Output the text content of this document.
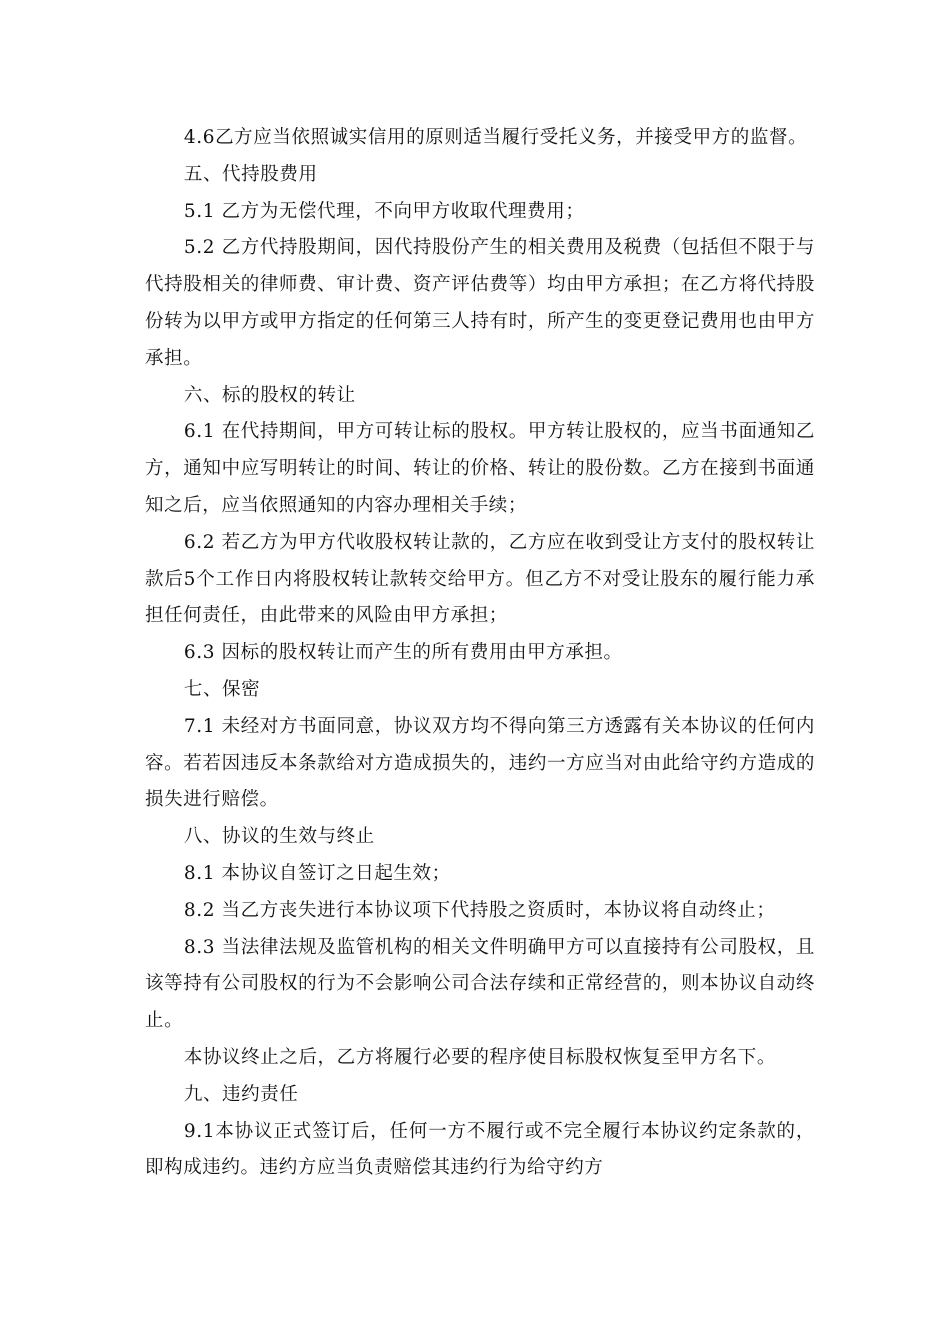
4.6乙方应当依照诚实信用的原则适当履行受托义务，并接受甲方的监督。

五、代持股费用

5.1 乙方为无偿代理，不向甲方收取代理费用；

5.2 乙方代持股期间，因代持股份产生的相关费用及税费（包括但不限于与代持股相关的律师费、审计费、资产评估费等）均由甲方承担；在乙方将代持股份转为以甲方或甲方指定的任何第三人持有时，所产生的变更登记费用也由甲方承担。

六、标的股权的转让

6.1 在代持期间，甲方可转让标的股权。甲方转让股权的，应当书面通知乙方，通知中应写明转让的时间、转让的价格、转让的股份数。乙方在接到书面通知之后，应当依照通知的内容办理相关手续；

6.2 若乙方为甲方代收股权转让款的，乙方应在收到受让方支付的股权转让款后5个工作日内将股权转让款转交给甲方。但乙方不对受让股东的履行能力承担任何责任，由此带来的风险由甲方承担；

6.3 因标的股权转让而产生的所有费用由甲方承担。

七、保密

7.1 未经对方书面同意，协议双方均不得向第三方透露有关本协议的任何内容。若若因违反本条款给对方造成损失的，违约一方应当对由此给守约方造成的损失进行赔偿。

八、协议的生效与终止

8.1 本协议自签订之日起生效；

8.2 当乙方丧失进行本协议项下代持股之资质时，本协议将自动终止；

8.3 当法律法规及监管机构的相关文件明确甲方可以直接持有公司股权，且该等持有公司股权的行为不会影响公司合法存续和正常经营的，则本协议自动终止。

本协议终止之后，乙方将履行必要的程序使目标股权恢复至甲方名下。

九、违约责任

9.1本协议正式签订后，任何一方不履行或不完全履行本协议约定条款的，即构成违约。违约方应当负责赔偿其违约行为给守约方
